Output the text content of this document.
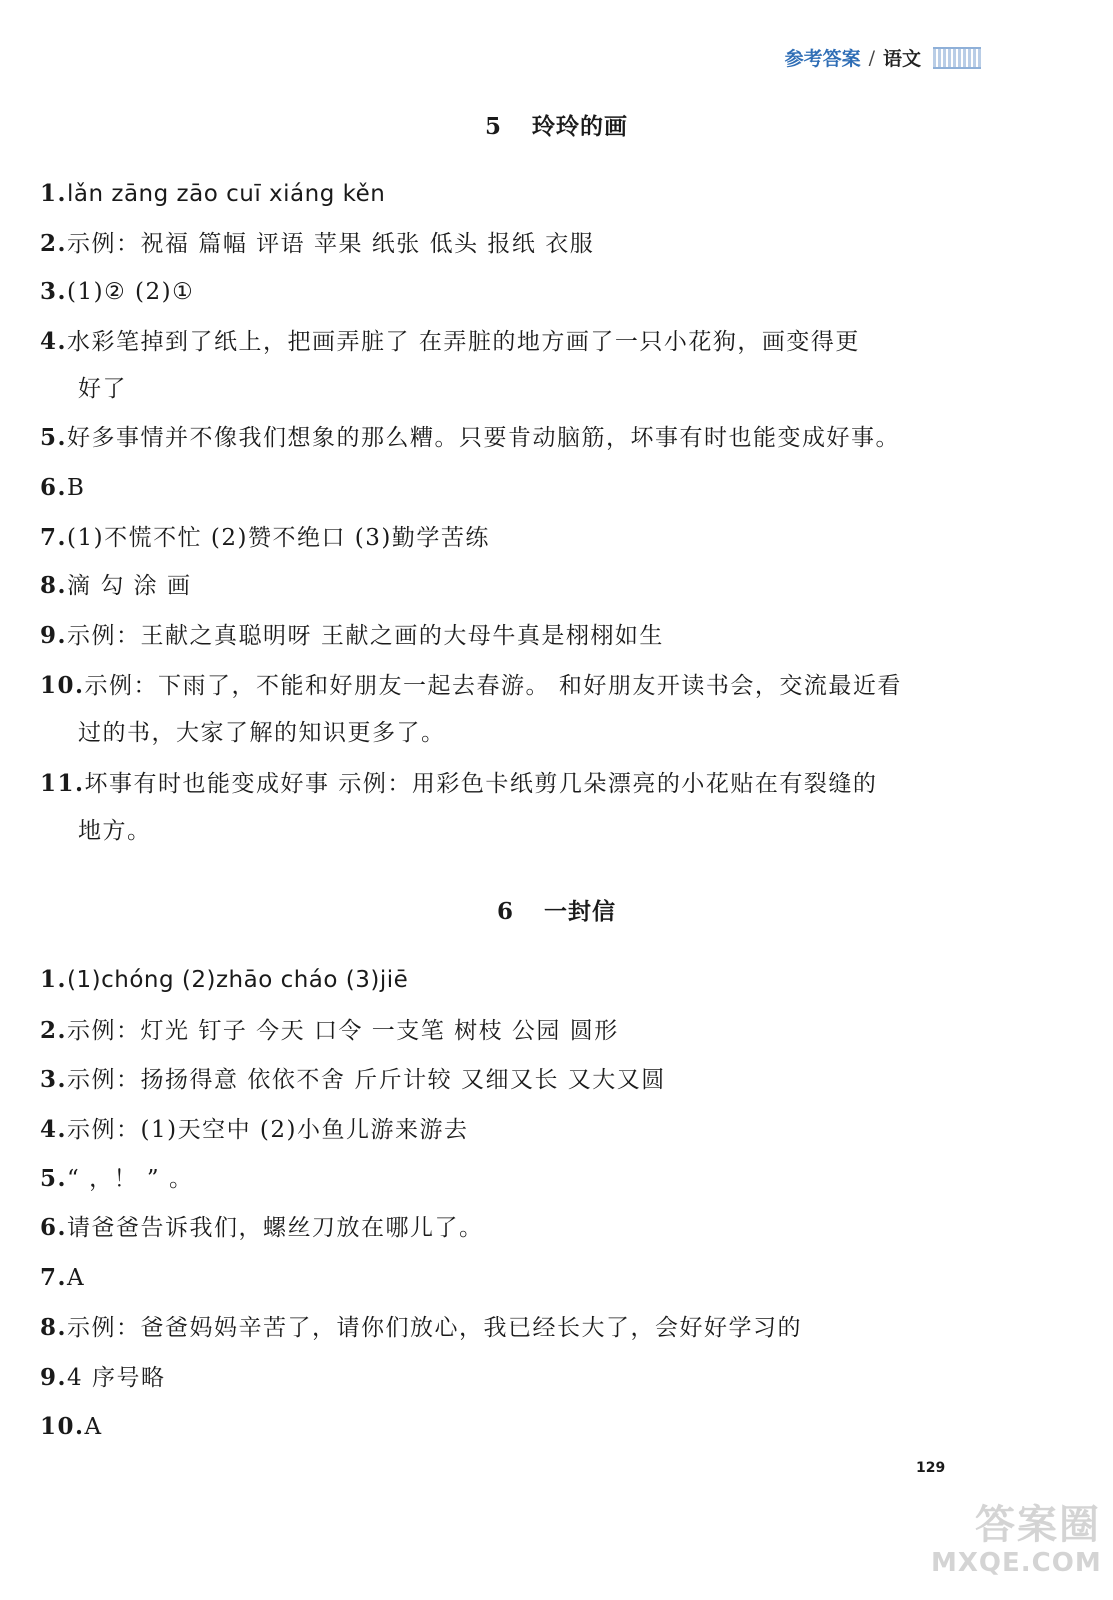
参考答案 / 语文
5 玲玲的画
1.lǎn zāng zāo cuī xiáng kěn
2.示例：祝福 篇幅 评语 苹果 纸张 低头 报纸 衣服
3.(1)② (2)①
4.水彩笔掉到了纸上，把画弄脏了 在弄脏的地方画了一只小花狗，画变得更
好了
5.好多事情并不像我们想象的那么糟。只要肯动脑筋，坏事有时也能变成好事。
6.B
7.(1)不慌不忙 (2)赞不绝口 (3)勤学苦练
8.滴 勾 涂 画
9.示例：王献之真聪明呀 王献之画的大母牛真是栩栩如生
10.示例：下雨了，不能和好朋友一起去春游。 和好朋友开读书会，交流最近看
过的书，大家了解的知识更多了。
11.坏事有时也能变成好事 示例：用彩色卡纸剪几朵漂亮的小花贴在有裂缝的
地方。
6 一封信
1.(1)chóng (2)zhāo cháo (3)jiē
2.示例：灯光 钉子 今天 口令 一支笔 树枝 公园 圆形
3.示例：扬扬得意 依依不舍 斤斤计较 又细又长 又大又圆
4.示例：(1)天空中 (2)小鱼儿游来游去
5.“ ，！ ” 。
6.请爸爸告诉我们，螺丝刀放在哪儿了。
7.A
8.示例：爸爸妈妈辛苦了，请你们放心，我已经长大了，会好好学习的
9.4 序号略
10.A
129
答案圈
MXQE.COM
